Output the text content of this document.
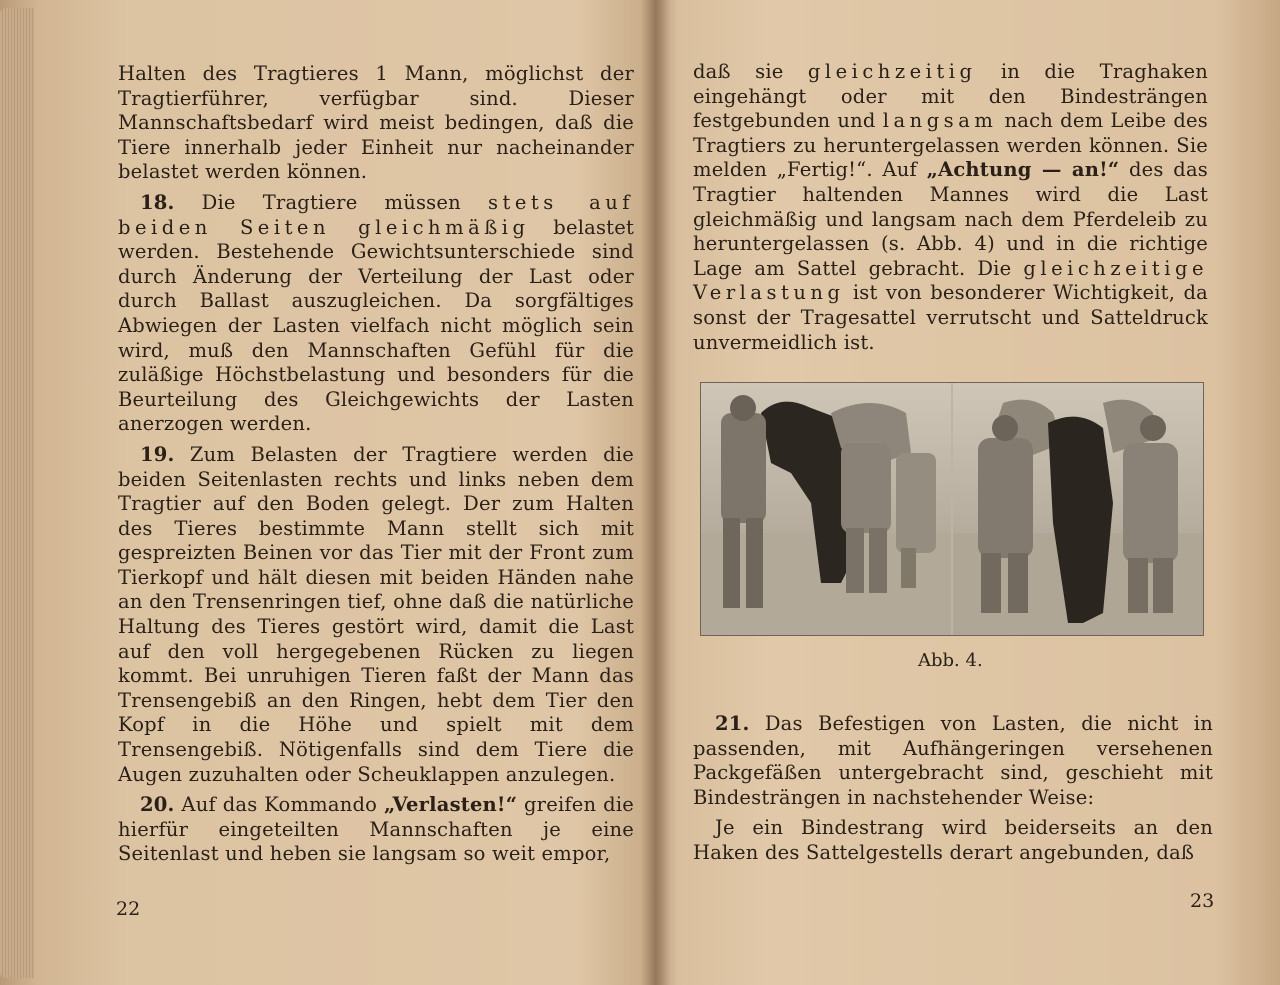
Halten des Tragtieres 1 Mann, möglichst der Tragtierführer, verfügbar sind. Dieser Mannschaftsbedarf wird meist bedingen, daß die Tiere innerhalb jeder Einheit nur nacheinander belastet werden können.

18. Die Tragtiere müssen stets auf beiden Seiten gleichmäßig belastet werden. Bestehende Gewichtsunterschiede sind durch Änderung der Verteilung der Last oder durch Ballast auszugleichen. Da sorgfältiges Abwiegen der Lasten vielfach nicht möglich sein wird, muß den Mannschaften Gefühl für die zuläßige Höchstbelastung und besonders für die Beurteilung des Gleichgewichts der Lasten anerzogen werden.

19. Zum Belasten der Tragtiere werden die beiden Seitenlasten rechts und links neben dem Tragtier auf den Boden gelegt. Der zum Halten des Tieres bestimmte Mann stellt sich mit gespreizten Beinen vor das Tier mit der Front zum Tierkopf und hält diesen mit beiden Händen nahe an den Trensenringen tief, ohne daß die natürliche Haltung des Tieres gestört wird, damit die Last auf den voll hergegebenen Rücken zu liegen kommt. Bei unruhigen Tieren faßt der Mann das Trensengebiß an den Ringen, hebt dem Tier den Kopf in die Höhe und spielt mit dem Trensengebiß. Nötigenfalls sind dem Tiere die Augen zuzuhalten oder Scheuklappen anzulegen.

20. Auf das Kommando „Verlasten!“ greifen die hierfür eingeteilten Mannschaften je eine Seitenlast und heben sie langsam so weit empor,

22

daß sie gleichzeitig in die Traghaken eingehängt oder mit den Bindesträngen festgebunden und langsam nach dem Leibe des Tragtiers zu heruntergelassen werden können. Sie melden „Fertig!“. Auf „Achtung — an!“ des das Tragtier haltenden Mannes wird die Last gleichmäßig und langsam nach dem Pferdeleib zu heruntergelassen (s. Abb. 4) und in die richtige Lage am Sattel gebracht. Die gleichzeitige Verlastung ist von besonderer Wichtigkeit, da sonst der Tragesattel verrutscht und Satteldruck unvermeidlich ist.

Abb. 4.

21. Das Befestigen von Lasten, die nicht in passenden, mit Aufhängeringen versehenen Packgefäßen untergebracht sind, geschieht mit Bindesträngen in nachstehender Weise:

Je ein Bindestrang wird beiderseits an den Haken des Sattelgestells derart angebunden, daß

23
